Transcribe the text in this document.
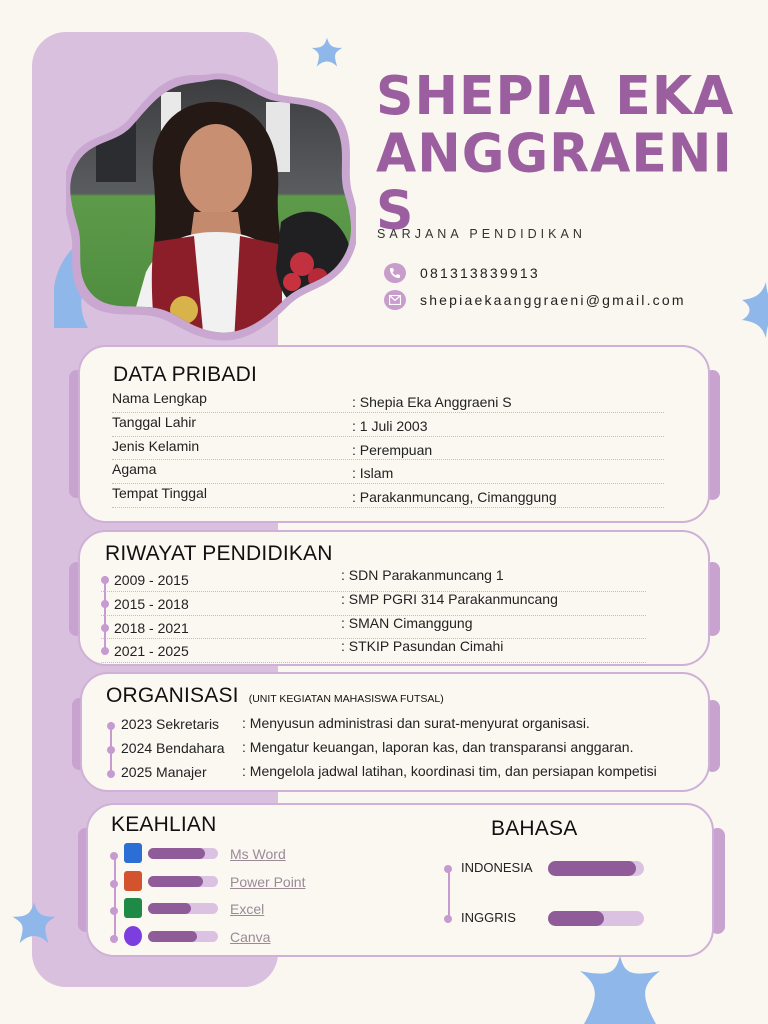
SHEPIA EKA
ANGGRAENI S
SARJANA PENDIDIKAN
081313839913
shepiaekaanggraeni@gmail.com
DATA PRIBADI
Nama Lengkap	: Shepia Eka Anggraeni S
Tanggal Lahir	: 1 Juli 2003
Jenis Kelamin	: Perempuan
Agama	: Islam
Tempat Tinggal	: Parakanmuncang, Cimanggung
RIWAYAT PENDIDIKAN
2009 - 2015	: SDN Parakanmuncang 1
2015 - 2018	: SMP PGRI 314 Parakanmuncang
2018 - 2021	: SMAN Cimanggung
2021 - 2025	: STKIP Pasundan Cimahi
ORGANISASI (UNIT KEGIATAN MAHASISWA FUTSAL)
2023 Sekretaris : Menyusun administrasi dan surat-menyurat organisasi.
2024 Bendahara : Mengatur keuangan, laporan kas, dan transparansi anggaran.
2025 Manajer	: Mengelola jadwal latihan, koordinasi tim, dan persiapan kompetisi
KEAHLIAN	BAHASA
Ms Word
Power Point
Excel
Canva
INDONESIA
INGGRIS
